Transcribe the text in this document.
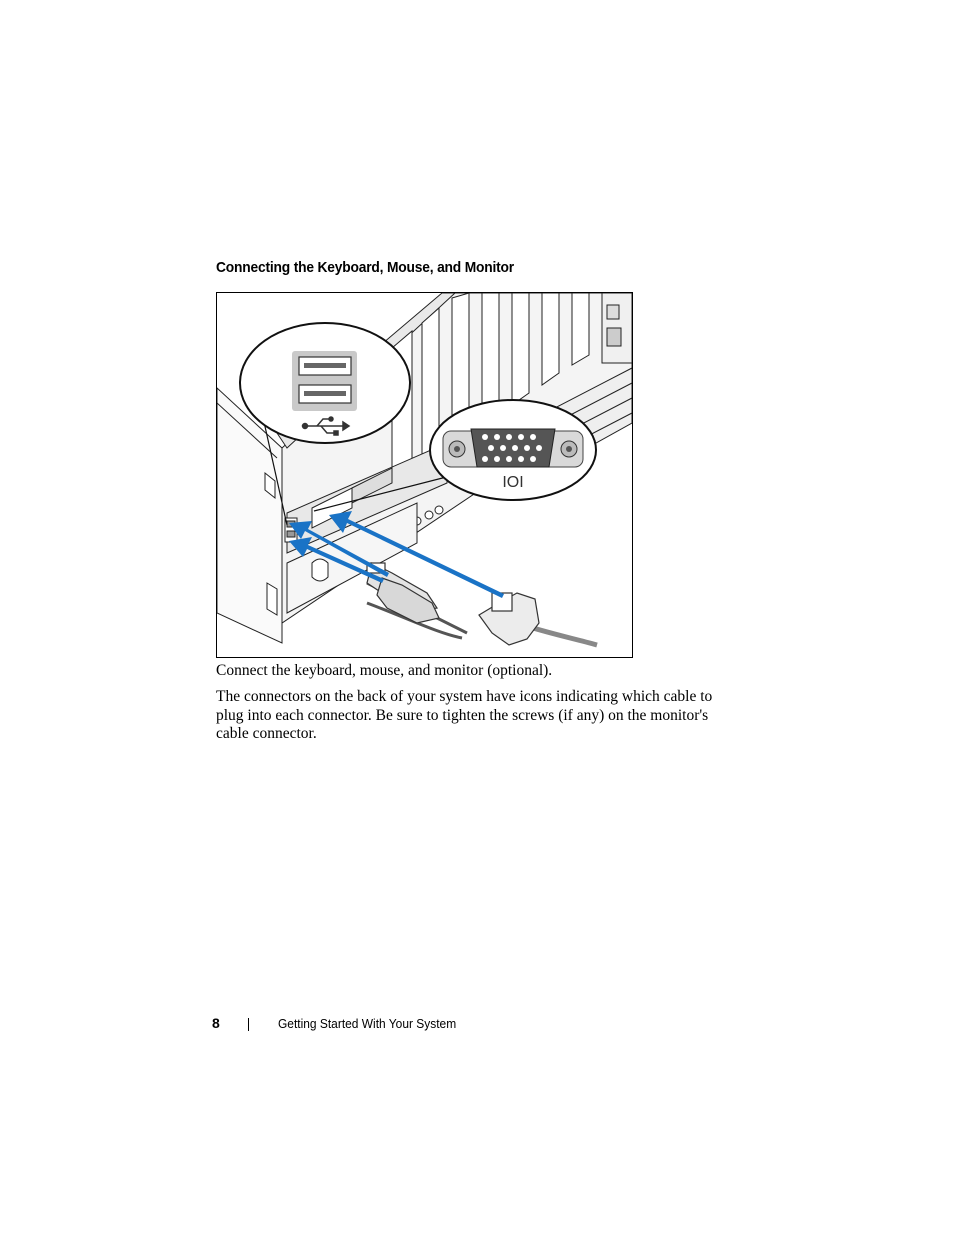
Connecting the Keyboard, Mouse, and Monitor
IOI
Connect the keyboard, mouse, and monitor (optional).
The connectors on the back of your system have icons indicating which cable to plug into each connector. Be sure to tighten the screws (if any) on the monitor's cable connector.
8	Getting Started With Your System
